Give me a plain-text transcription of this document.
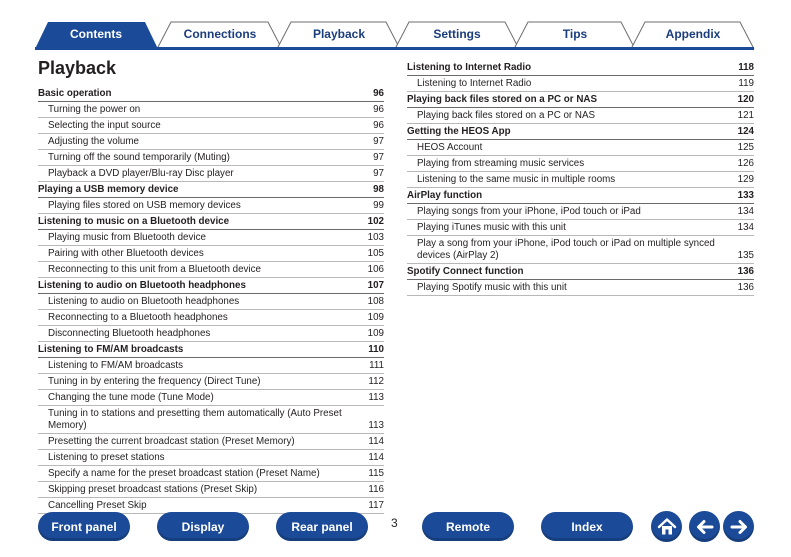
Contents	Connections	Playback	Settings	Tips	Appendix
Playback
Basic operation	96
Turning the power on	96
Selecting the input source	96
Adjusting the volume	97
Turning off the sound temporarily (Muting)	97
Playback a DVD player/Blu-ray Disc player	97
Playing a USB memory device	98
Playing files stored on USB memory devices	99
Listening to music on a Bluetooth device	102
Playing music from Bluetooth device	103
Pairing with other Bluetooth devices	105
Reconnecting to this unit from a Bluetooth device	106
Listening to audio on Bluetooth headphones	107
Listening to audio on Bluetooth headphones	108
Reconnecting to a Bluetooth headphones	109
Disconnecting Bluetooth headphones	109
Listening to FM/AM broadcasts	110
Listening to FM/AM broadcasts	111
Tuning in by entering the frequency (Direct Tune)	112
Changing the tune mode (Tune Mode)	113
Tuning in to stations and presetting them automatically (Auto Preset Memory)	113
Presetting the current broadcast station (Preset Memory)	114
Listening to preset stations	114
Specify a name for the preset broadcast station (Preset Name)	115
Skipping preset broadcast stations (Preset Skip)	116
Cancelling Preset Skip	117
Listening to Internet Radio	118
Listening to Internet Radio	119
Playing back files stored on a PC or NAS	120
Playing back files stored on a PC or NAS	121
Getting the HEOS App	124
HEOS Account	125
Playing from streaming music services	126
Listening to the same music in multiple rooms	129
AirPlay function	133
Playing songs from your iPhone, iPod touch or iPad	134
Playing iTunes music with this unit	134
Play a song from your iPhone, iPod touch or iPad on multiple synced devices (AirPlay 2)	135
Spotify Connect function	136
Playing Spotify music with this unit	136
3
Front panel	Display	Rear panel	Remote	Index
